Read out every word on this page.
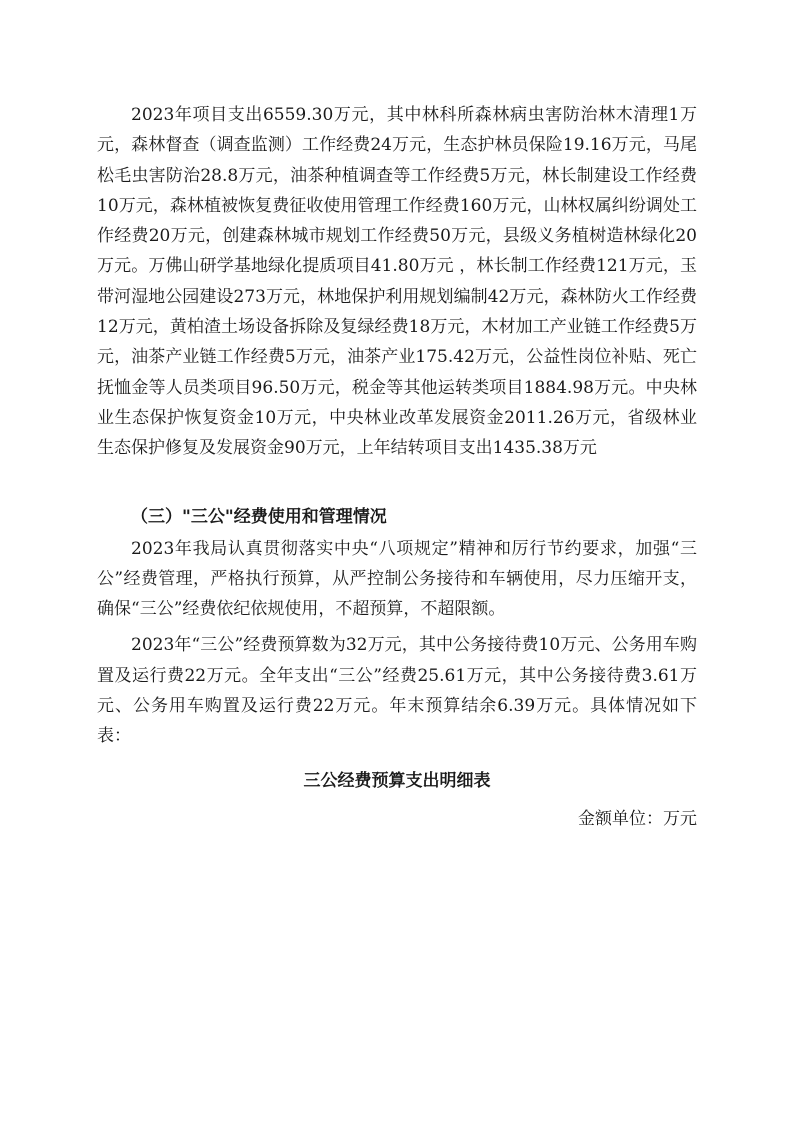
2023年项目支出6559.30万元，其中林科所森林病虫害防治林木清理1万元，森林督查（调查监测）工作经费24万元，生态护林员保险19.16万元，马尾松毛虫害防治28.8万元，油茶种植调查等工作经费5万元，林长制建设工作经费10万元，森林植被恢复费征收使用管理工作经费160万元，山林权属纠纷调处工作经费20万元，创建森林城市规划工作经费50万元，县级义务植树造林绿化20万元。万佛山研学基地绿化提质项目41.80万元 ，林长制工作经费121万元，玉带河湿地公园建设273万元，林地保护利用规划编制42万元，森林防火工作经费12万元，黄柏渣土场设备拆除及复绿经费18万元，木材加工产业链工作经费5万元，油茶产业链工作经费5万元，油茶产业175.42万元，公益性岗位补贴、死亡抚恤金等人员类项目96.50万元，税金等其他运转类项目1884.98万元。中央林业生态保护恢复资金10万元，中央林业改革发展资金2011.26万元，省级林业生态保护修复及发展资金90万元，上年结转项目支出1435.38万元

（三）"三公"经费使用和管理情况

2023年我局认真贯彻落实中央“八项规定”精神和厉行节约要求，加强“三公”经费管理，严格执行预算，从严控制公务接待和车辆使用，尽力压缩开支，确保“三公”经费依纪依规使用，不超预算，不超限额。

2023年“三公”经费预算数为32万元，其中公务接待费10万元、公务用车购置及运行费22万元。全年支出“三公”经费25.61万元，其中公务接待费3.61万元、公务用车购置及运行费22万元。年末预算结余6.39万元。具体情况如下表：

三公经费预算支出明细表

金额单位：万元
